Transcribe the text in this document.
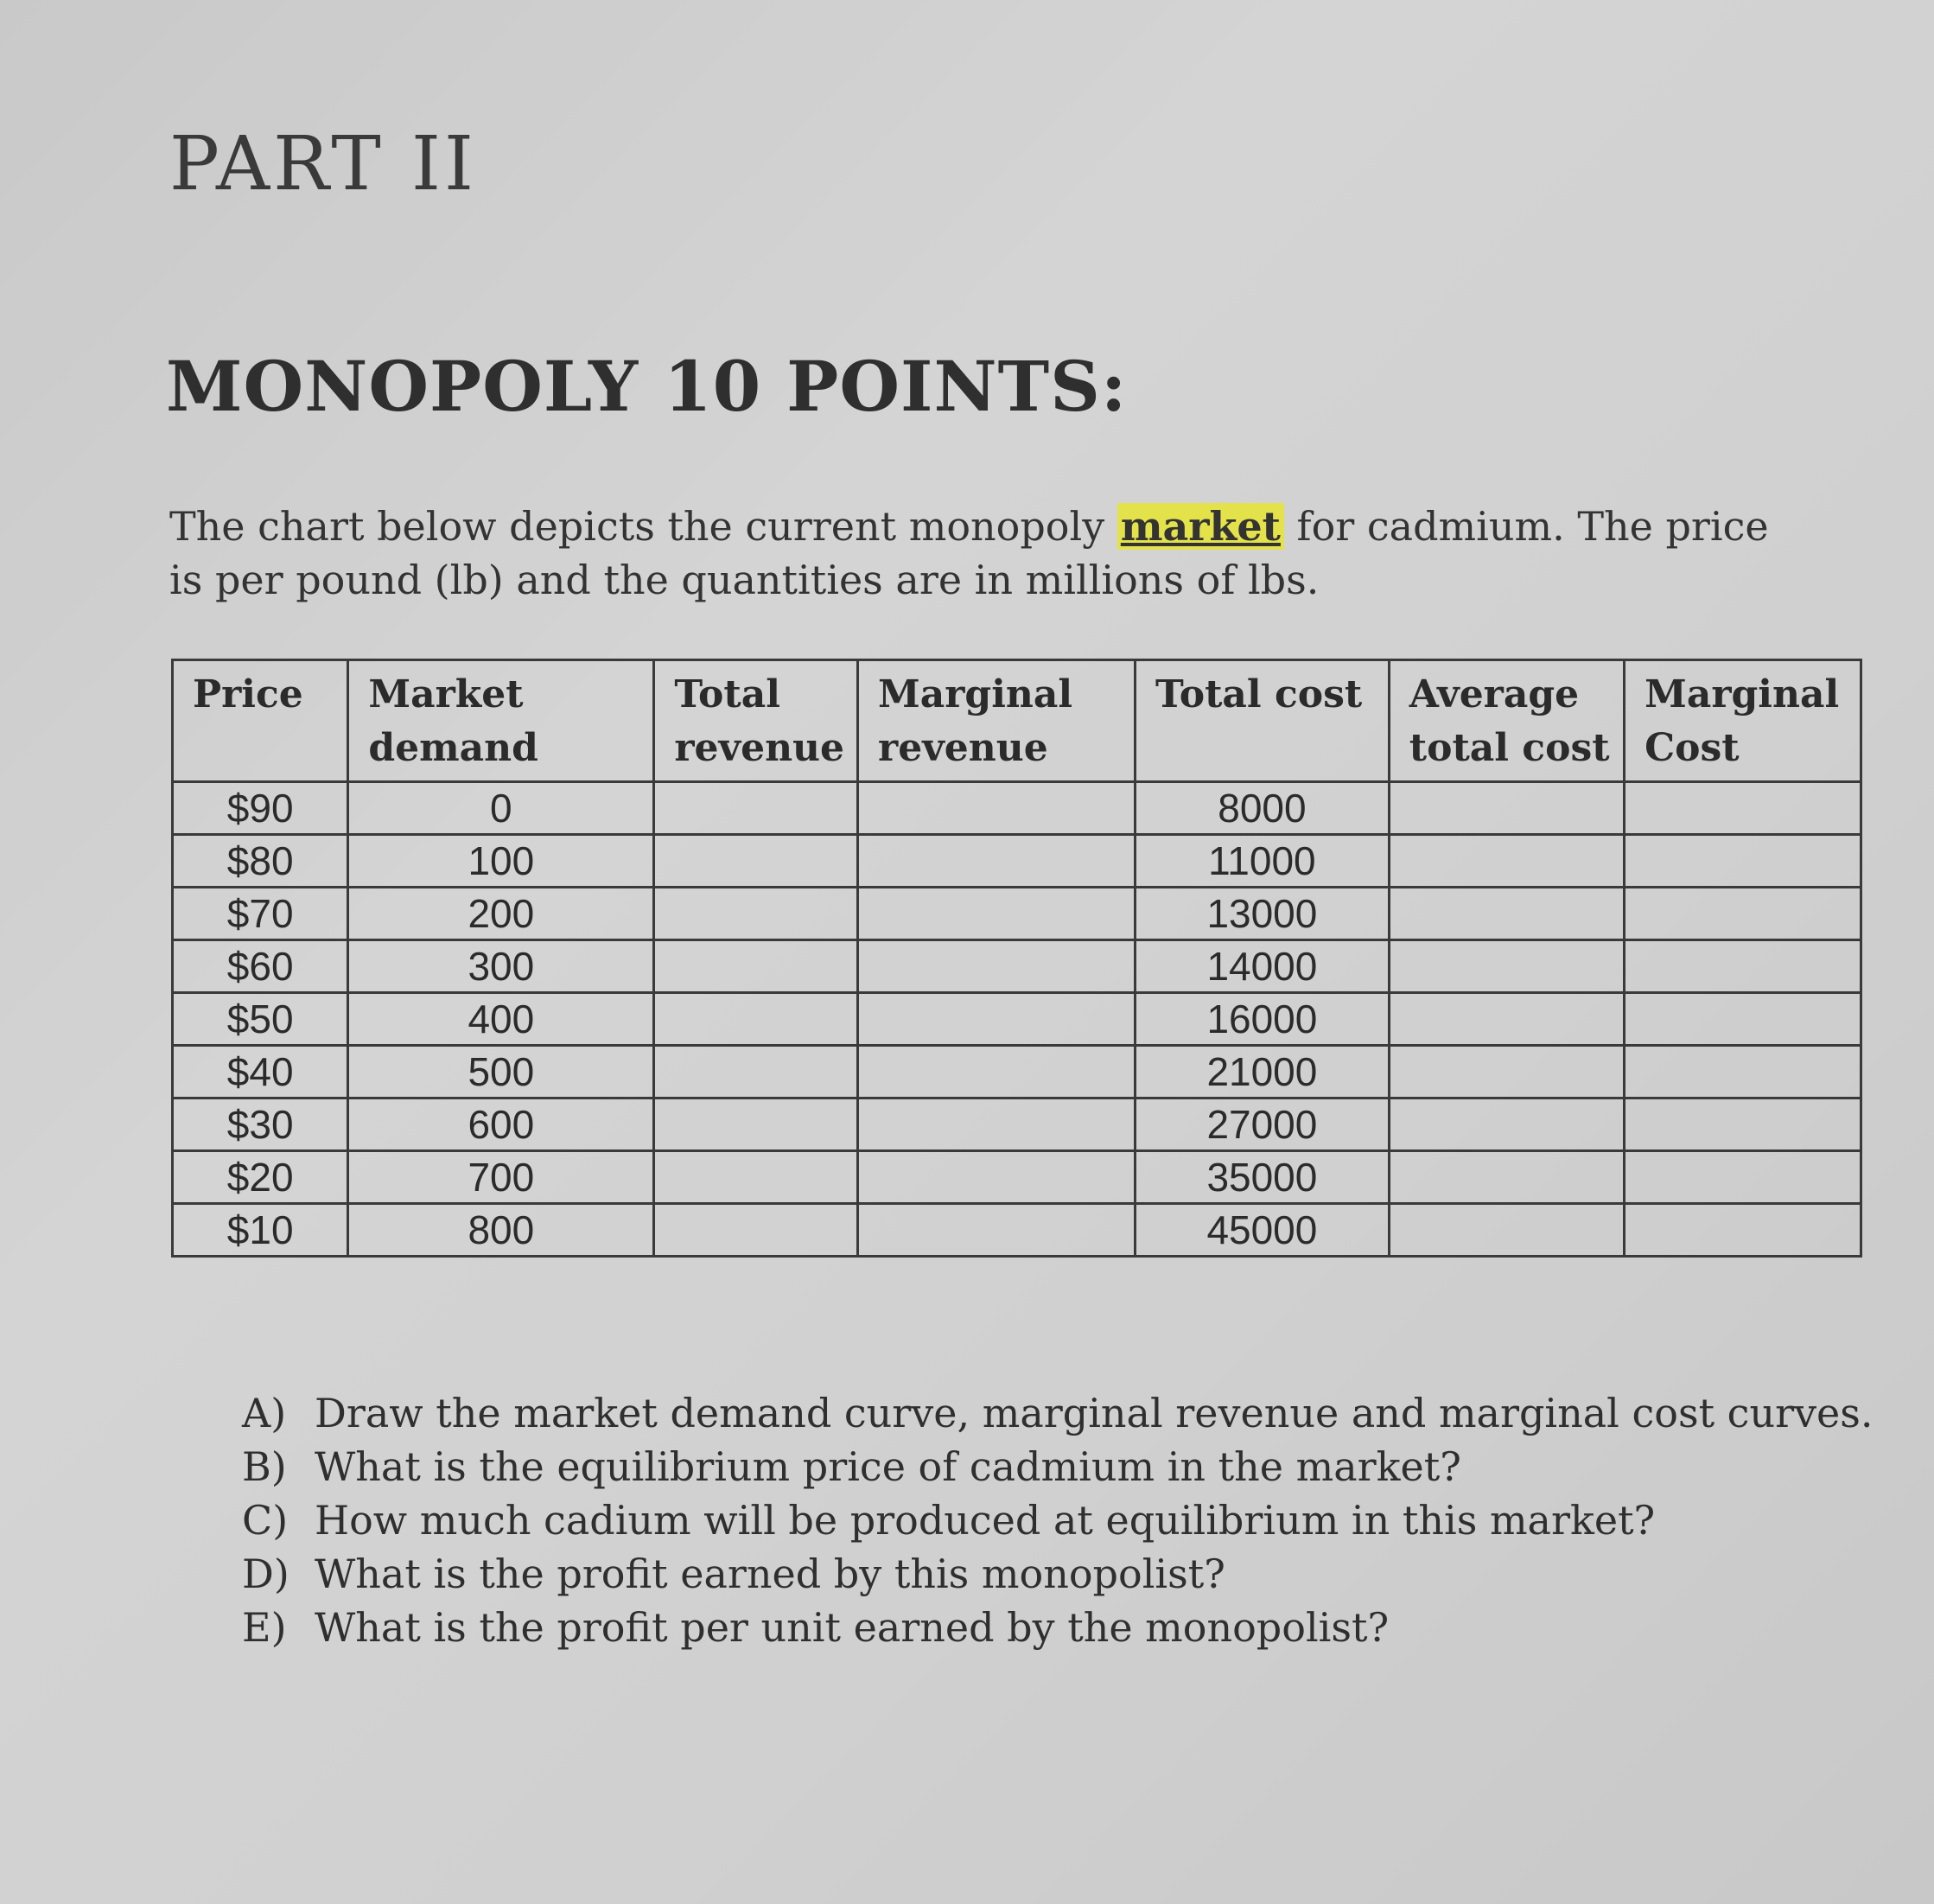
PART II
MONOPOLY 10 POINTS:

The chart below depicts the current monopoly market for cadmium. The price is per pound (lb) and the quantities are in millions of lbs.

Price	Market demand	Total revenue	Marginal revenue	Total cost	Average total cost	Marginal Cost
$90	0			8000		
$80	100			11000		
$70	200			13000		
$60	300			14000		
$50	400			16000		
$40	500			21000		
$30	600			27000		
$20	700			35000		
$10	800			45000		
A) Draw the market demand curve, marginal revenue and marginal cost curves.
B) What is the equilibrium price of cadmium in the market?
C) How much cadium will be produced at equilibrium in this market?
D) What is the profit earned by this monopolist?
E) What is the profit per unit earned by the monopolist?
